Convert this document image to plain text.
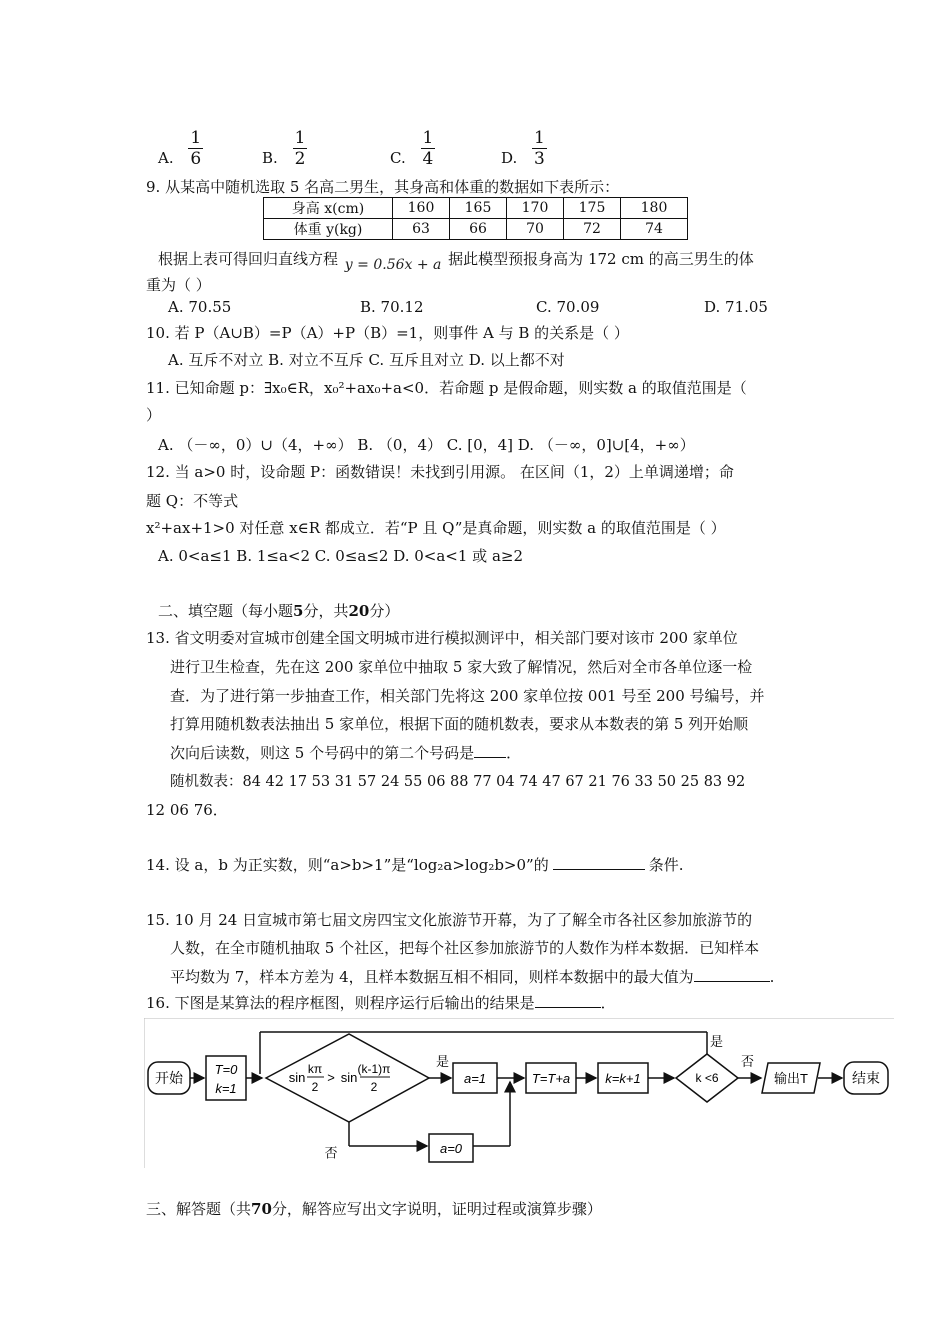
A. $\frac{1}{6}$	B. $\frac{1}{2}$	C. $\frac{1}{4}$	D. $\frac{1}{3}$
9. 从某高中随机选取 5 名高二男生，其身高和体重的数据如下表所示：
身高 x(cm)	160	165	170	175	180
体重 y(kg)	63	66	70	72	74
根据上表可得回归直线方程 y = 0.56x + a 据此模型预报身高为 172 cm 的高三男生的体
重为（ ）
A. 70.55	B. 70.12	C. 70.09	D. 71.05
10. 若 P（A∪B）=P（A）+P（B）=1，则事件 A 与 B 的关系是（ ）
A. 互斥不对立 B. 对立不互斥 C. 互斥且对立 D. 以上都不对
11. 已知命题 p：∃x₀∈R，x₀²+ax₀+a<0．若命题 p 是假命题，则实数 a 的取值范围是（
）
A. （－∞，0）∪（4，+∞） B. （0，4） C. [0，4] D. （－∞，0]∪[4，+∞）
12. 当 a>0 时，设命题 P：函数错误！未找到引用源。 在区间（1，2）上单调递增；命
题 Q：不等式
x²+ax+1>0 对任意 x∈R 都成立．若“P 且 Q”是真命题，则实数 a 的取值范围是（ ）
A. 0<a≤1 B. 1≤a<2 C. 0≤a≤2 D. 0<a<1 或 a≥2
二、填空题（每小题5分，共20分）
13. 省文明委对宣城市创建全国文明城市进行模拟测评中，相关部门要对该市 200 家单位
进行卫生检查，先在这 200 家单位中抽取 5 家大致了解情况，然后对全市各单位逐一检
查．为了进行第一步抽查工作，相关部门先将这 200 家单位按 001 号至 200 号编号，并
打算用随机数表法抽出 5 家单位，根据下面的随机数表，要求从本数表的第 5 列开始顺
次向后读数，则这 5 个号码中的第二个号码是 ．
随机数表：84 42 17 53 31 57 24 55 06 88 77 04 74 47 67 21 76 33 50 25 83 92
12 06 76．
14. 设 a，b 为正实数，则“a>b>1”是“log₂a>log₂b>0”的	条件.
15. 10 月 24 日宣城市第七届文房四宝文化旅游节开幕，为了了解全市各社区参加旅游节的
人数，在全市随机抽取 5 个社区，把每个社区参加旅游节的人数作为样本数据．已知样本
平均数为 7，样本方差为 4，且样本数据互相不相同，则样本数据中的最大值为	.
16. 下图是某算法的程序框图，则程序运行后输出的结果是	．
开始
T=0
k=1
sin
kπ
2
> sin
(k-1)π
2
是
a=1
否	a=0
T=T+a	k=k+1	k <6
是
否
输出T	结束
三、解答题（共70分，解答应写出文字说明，证明过程或演算步骤）
